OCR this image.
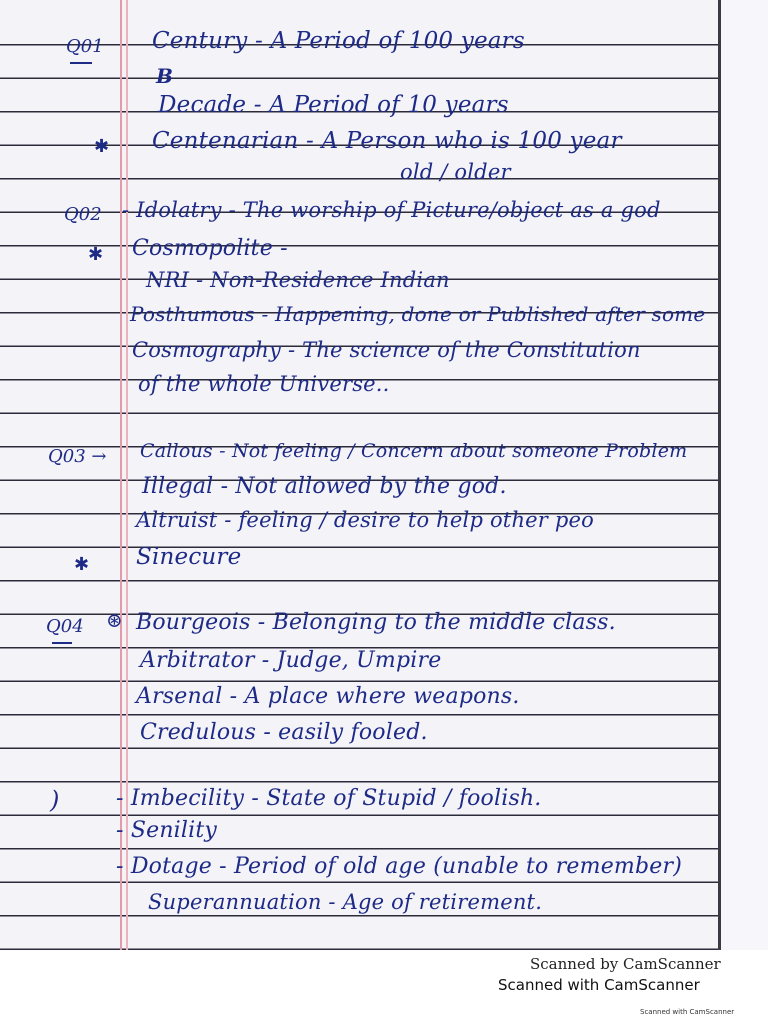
Q01 Century - A Period of 100 years
B
Decade - A Period of 10 years
✱ Centenarian - A Person who is 100 year
old / older
Q02 - Idolatry - The worship of Picture/object as a god
✱ Cosmopolite -
NRI - Non-Residence Indian
Posthumous - Happening, done or Published after some
Cosmography - The science of the Constitution
of the whole Universe..
Q03 → Callous - Not feeling / Concern about someone Problem
Illegal - Not allowed by the god.
Altruist - feeling / desire to help other peo
✱ Sinecure
Q04 ⊛ Bourgeois - Belonging to the middle class.
Arbitrator - Judge, Umpire
Arsenal - A place where weapons.
Credulous - easily fooled.
)	- Imbecility - State of Stupid / foolish.
- Senility
- Dotage - Period of old age (unable to remember)
Superannuation - Age of retirement.
Scanned by CamScanner
Scanned with CamScanner
Scanned with CamScanner
